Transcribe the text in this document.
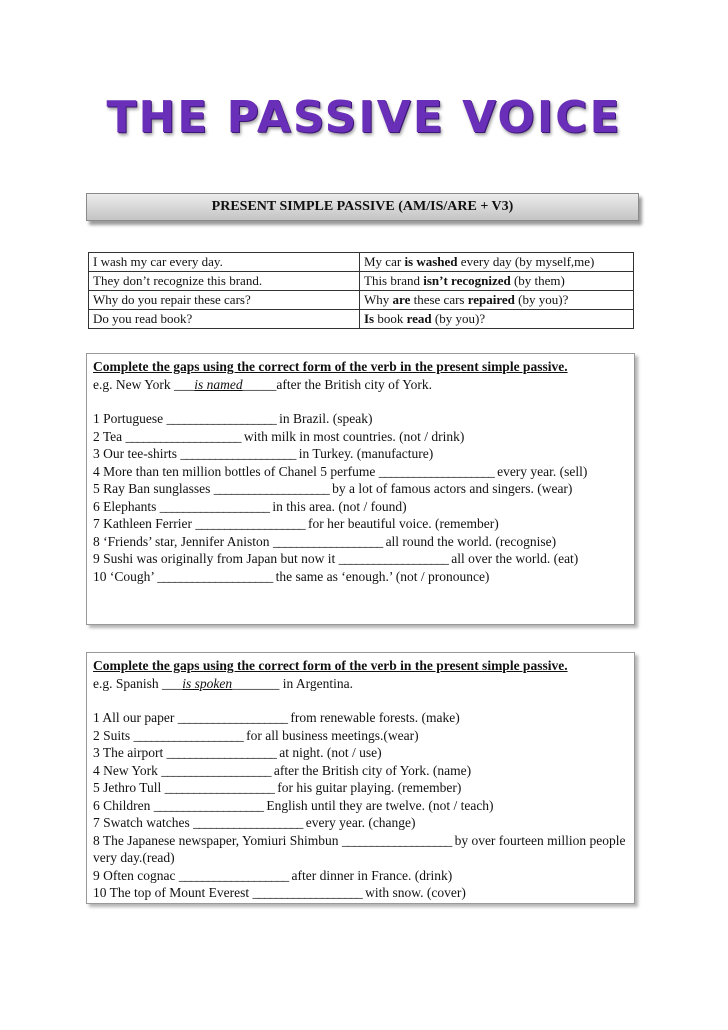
THE PASSIVE VOICE
PRESENT SIMPLE PASSIVE (AM/IS/ARE + V3)
I wash my car every day.	My car is washed every day (by myself,me)
They don’t recognize this brand.	This brand isn’t recognized (by them)
Why do you repair these cars?	Why are these cars repaired (by you)?
Do you read book?	Is book read (by you)?
Complete the gaps using the correct form of the verb in the present simple passive.
e.g. New York ___is named_____after the British city of York.
1 Portuguese ___________________ in Brazil. (speak)
2 Tea ____________________ with milk in most countries. (not / drink)
3 Our tee-shirts ____________________ in Turkey. (manufacture)
4 More than ten million bottles of Chanel 5 perfume ____________________ every year. (sell)
5 Ray Ban sunglasses ____________________ by a lot of famous actors and singers. (wear)
6 Elephants ___________________ in this area. (not / found)
7 Kathleen Ferrier ___________________ for her beautiful voice. (remember)
8 ‘Friends’ star, Jennifer Aniston ___________________ all round the world. (recognise)
9 Sushi was originally from Japan but now it ___________________ all over the world. (eat)
10 ‘Cough’ ____________________ the same as ‘enough.’ (not / pronounce)
Complete the gaps using the correct form of the verb in the present simple passive.
e.g. Spanish ___is spoken_______ in Argentina.
1 All our paper ___________________ from renewable forests. (make)
2 Suits ___________________ for all business meetings.(wear)
3 The airport ___________________ at night. (not / use)
4 New York ___________________ after the British city of York. (name)
5 Jethro Tull ___________________ for his guitar playing. (remember)
6 Children ___________________ English until they are twelve. (not / teach)
7 Swatch watches ___________________ every year. (change)
8 The Japanese newspaper, Yomiuri Shimbun ___________________ by over fourteen million people very day.(read)
9 Often cognac ___________________ after dinner in France. (drink)
10 The top of Mount Everest ___________________ with snow. (cover)
